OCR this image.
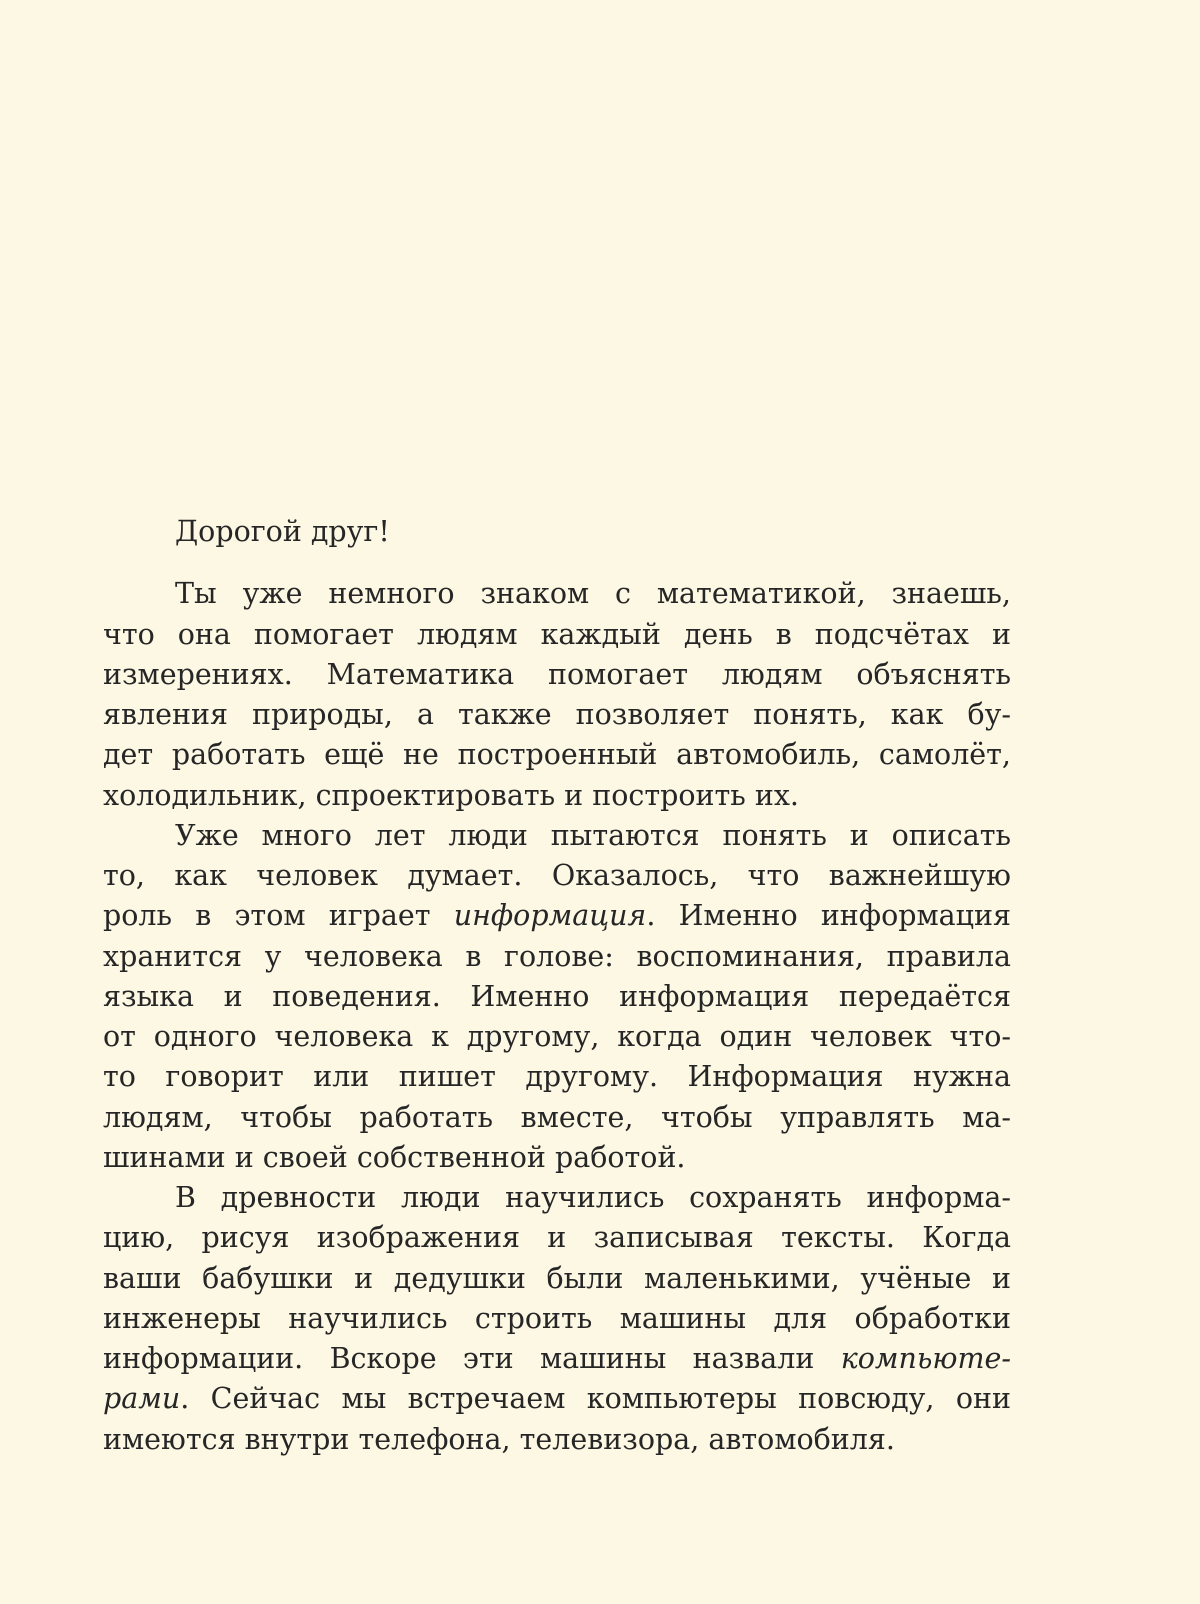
Дорогой друг!
Ты уже немного знаком с математикой, знаешь,
что она помогает людям каждый день в подсчётах и
измерениях. Математика помогает людям объяснять
явления природы, а также позволяет понять, как бу-
дет работать ещё не построенный автомобиль, самолёт,
холодильник, спроектировать и построить их.
Уже много лет люди пытаются понять и описать
то, как человек думает. Оказалось, что важнейшую
роль в этом играет информация. Именно информация
хранится у человека в голове: воспоминания, правила
языка и поведения. Именно информация передаётся
от одного человека к другому, когда один человек что-
то говорит или пишет другому. Информация нужна
людям, чтобы работать вместе, чтобы управлять ма-
шинами и своей собственной работой.
В древности люди научились сохранять информа-
цию, рисуя изображения и записывая тексты. Когда
ваши бабушки и дедушки были маленькими, учёные и
инженеры научились строить машины для обработки
информации. Вскоре эти машины назвали компьюте-
рами. Сейчас мы встречаем компьютеры повсюду, они
имеются внутри телефона, телевизора, автомобиля.
